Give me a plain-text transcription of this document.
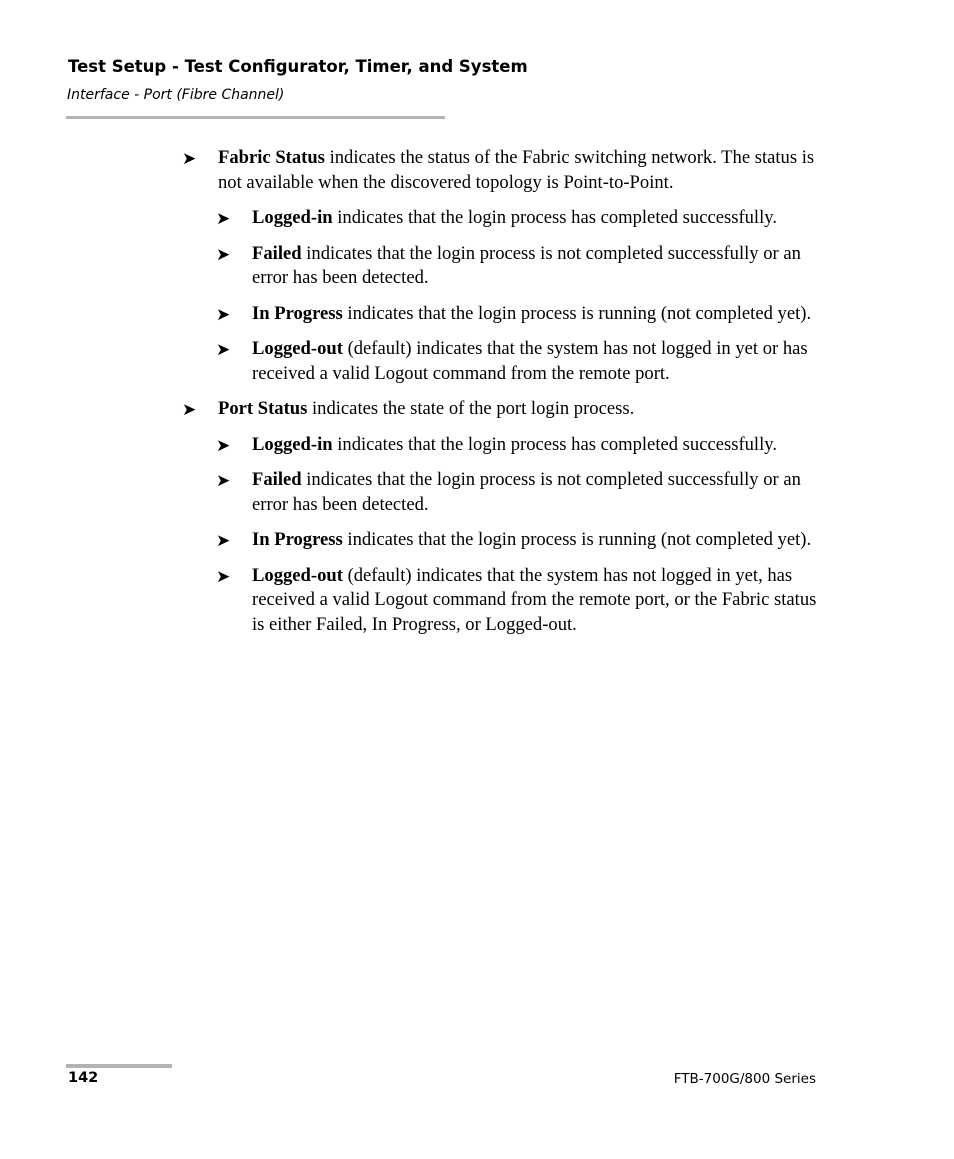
Test Setup - Test Configurator, Timer, and System
Interface - Port (Fibre Channel)
➤ Fabric Status indicates the status of the Fabric switching network. The status is not available when the discovered topology is Point-to-Point.
➤ Logged-in indicates that the login process has completed successfully.
➤ Failed indicates that the login process is not completed successfully or an error has been detected.
➤ In Progress indicates that the login process is running (not completed yet).
➤ Logged-out (default) indicates that the system has not logged in yet or has received a valid Logout command from the remote port.
➤ Port Status indicates the state of the port login process.
➤ Logged-in indicates that the login process has completed successfully.
➤ Failed indicates that the login process is not completed successfully or an error has been detected.
➤ In Progress indicates that the login process is running (not completed yet).
➤ Logged-out (default) indicates that the system has not logged in yet, has received a valid Logout command from the remote port, or the Fabric status is either Failed, In Progress, or Logged-out.
142	FTB-700G/800 Series
